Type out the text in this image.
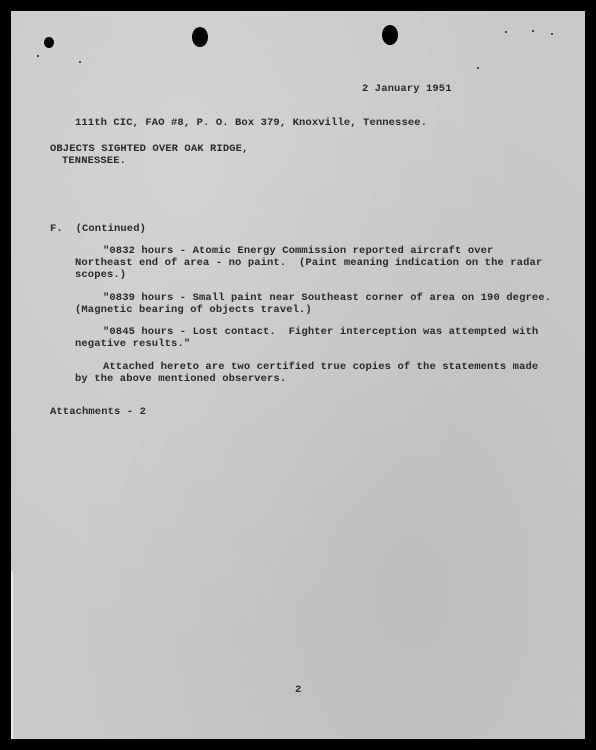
2 January 1951

111th CIC, FAO #8, P. O. Box 379, Knoxville, Tennessee.

OBJECTS SIGHTED OVER OAK RIDGE,

TENNESSEE.

F.  (Continued)

"0832 hours - Atomic Energy Commission reported aircraft over

Northeast end of area - no paint.  (Paint meaning indication on the radar

scopes.)

"0839 hours - Small paint near Southeast corner of area on 190 degree.

(Magnetic bearing of objects travel.)

"0845 hours - Lost contact.  Fighter interception was attempted with

negative results."

Attached hereto are two certified true copies of the statements made

by the above mentioned observers.

Attachments - 2

2
